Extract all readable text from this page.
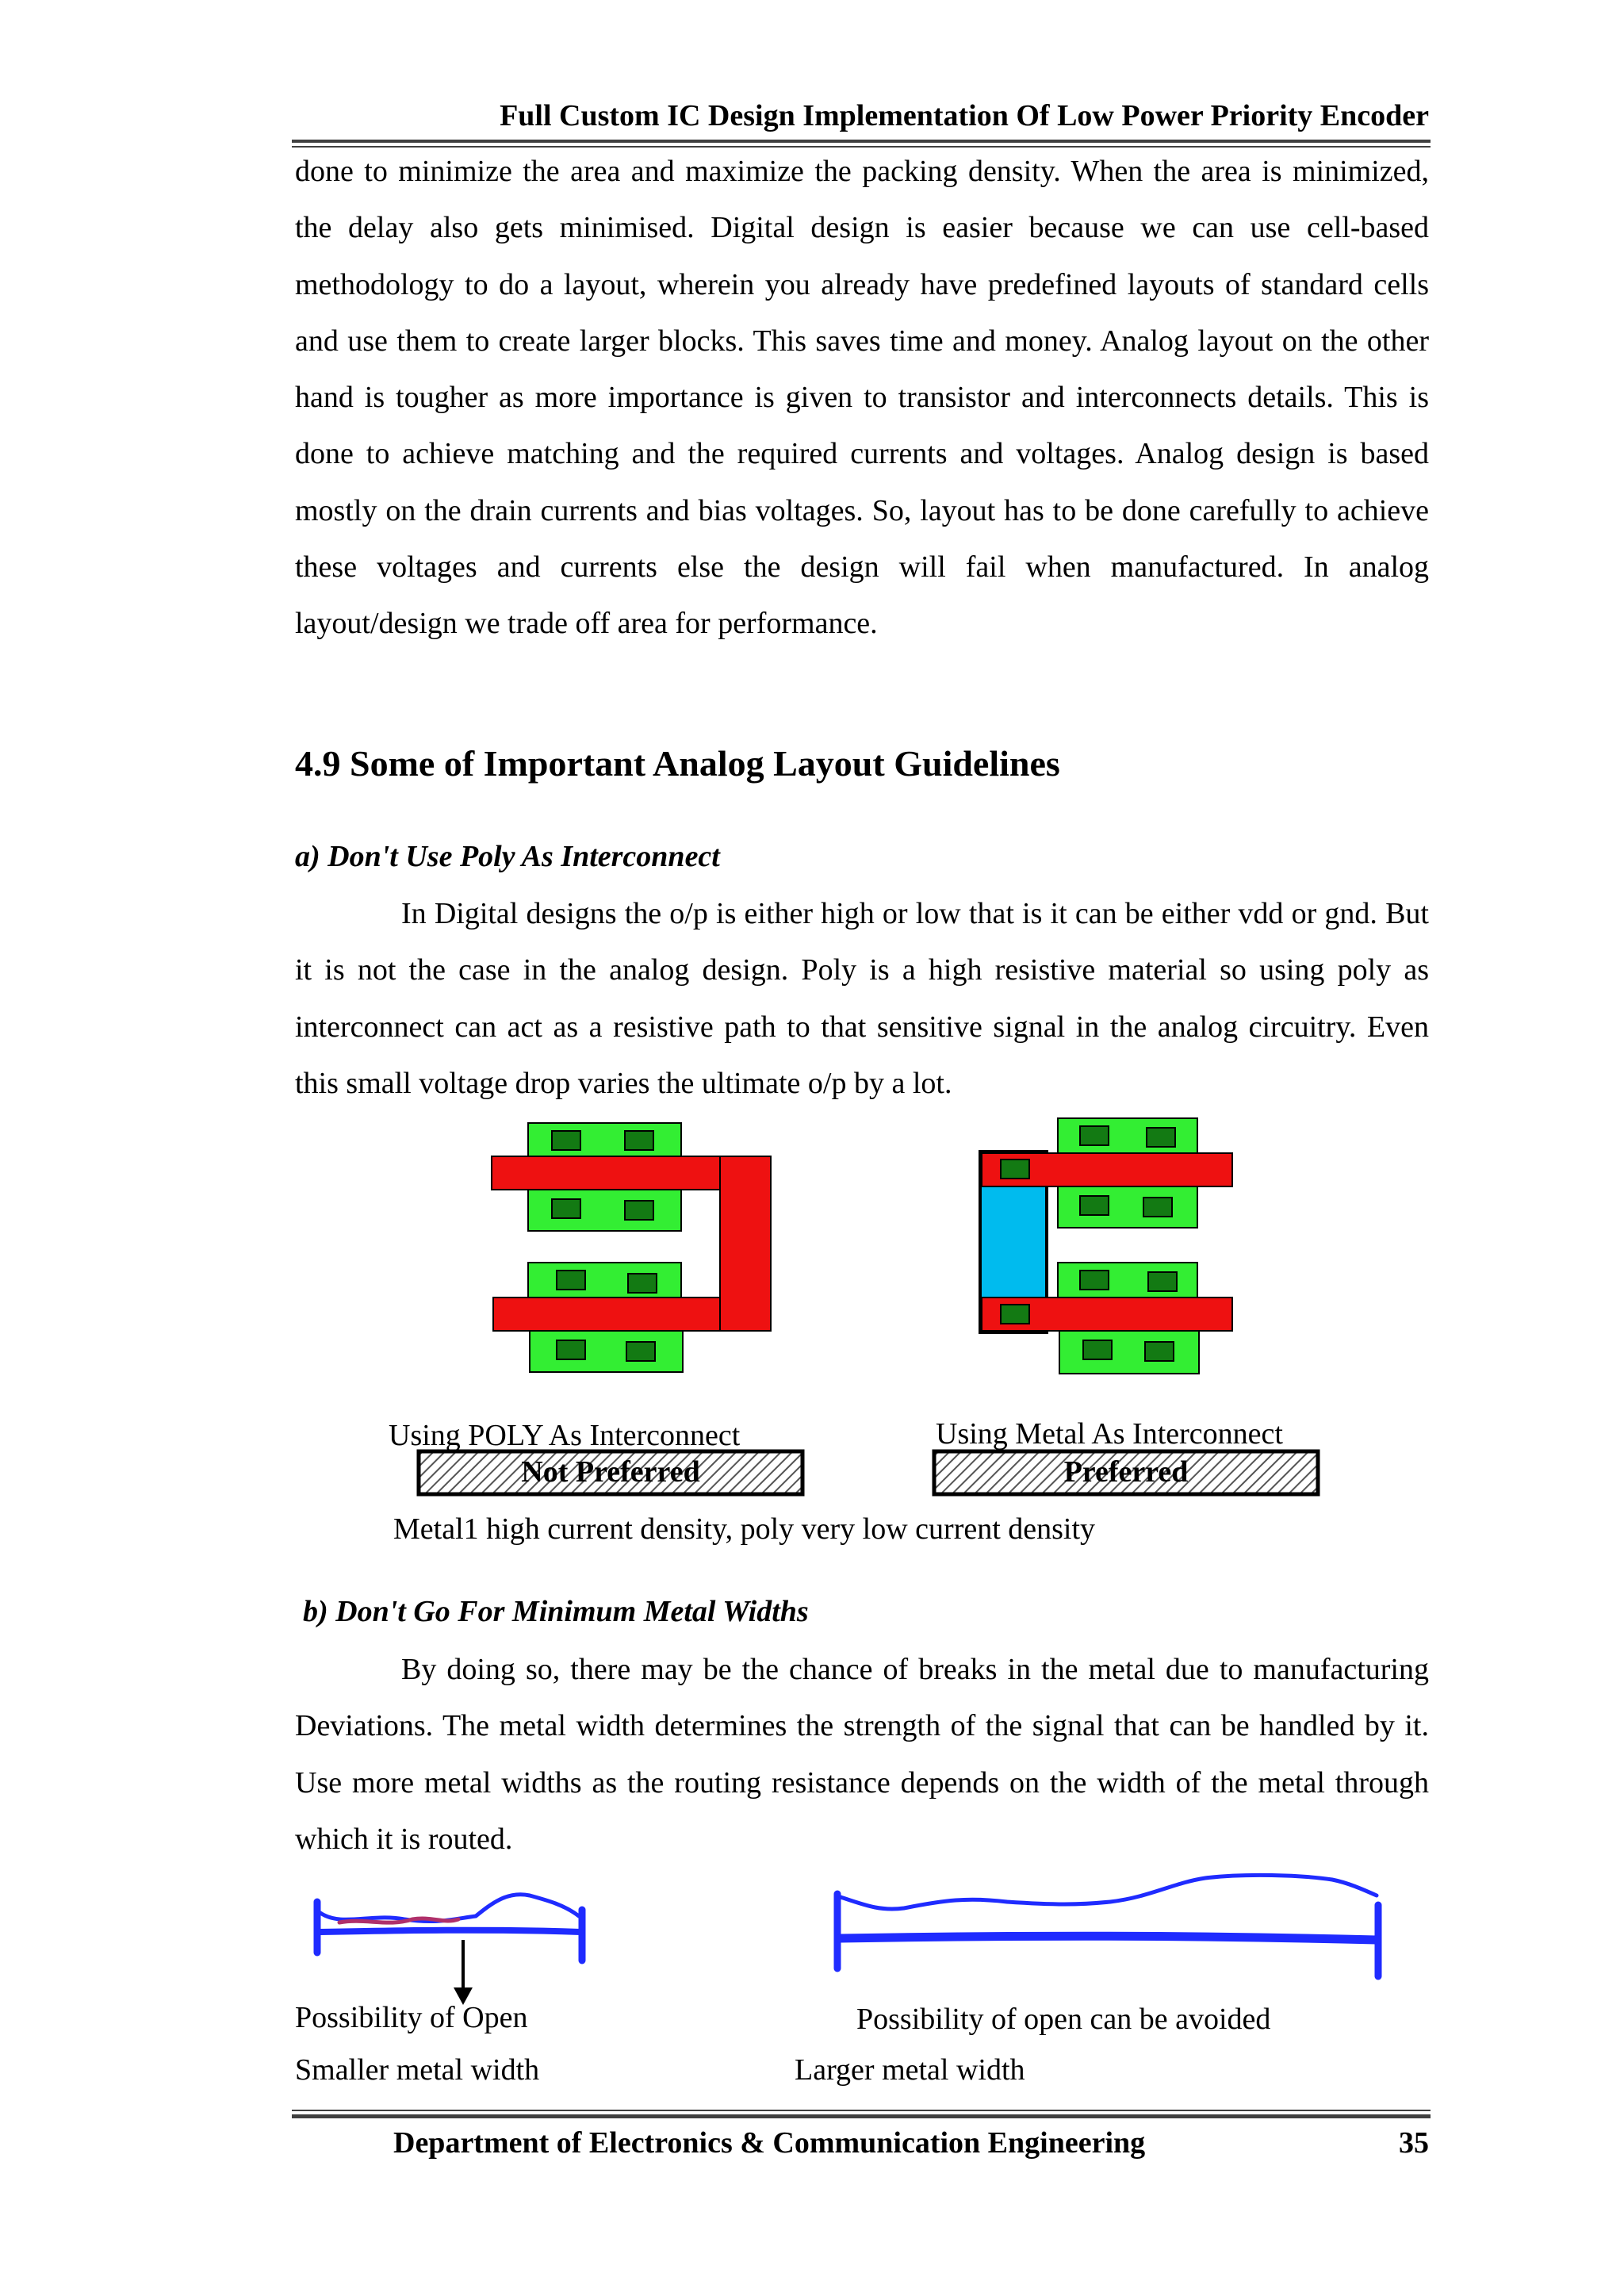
Full Custom IC Design Implementation Of Low Power Priority Encoder

done to minimize the area and maximize the packing density. When the area is minimized, the delay also gets minimised. Digital design is easier because we can use cell-based methodology to do a layout, wherein you already have predefined layouts of standard cells and use them to create larger blocks. This saves time and money. Analog layout on the other hand is tougher as more importance is given to transistor and interconnects details. This is done to achieve matching and the required currents and voltages. Analog design is based mostly on the drain currents and bias voltages. So, layout has to be done carefully to achieve these voltages and currents else the design will fail when manufactured. In analog layout/design we trade off area for performance.

4.9 Some of Important Analog Layout Guidelines
a) Don't Use Poly As Interconnect

In Digital designs the o/p is either high or low that is it can be either vdd or gnd. But it is not the case in the analog design. Poly is a high resistive material so using poly as interconnect can act as a resistive path to that sensitive signal in the analog circuitry. Even this small voltage drop varies the ultimate o/p by a lot.

Using POLY As Interconnect
Not Preferred
Using Metal As Interconnect
Preferred
Metal1 high current density, poly very low current density
b) Don't Go For Minimum Metal Widths

By doing so, there may be the chance of breaks in the metal due to manufacturing Deviations. The metal width determines the strength of the signal that can be handled by it. Use more metal widths as the routing resistance depends on the width of the metal through which it is routed.

Possibility of Open
Smaller metal width
Possibility of open can be avoided
Larger metal width
Department of Electronics & Communication Engineering	35
